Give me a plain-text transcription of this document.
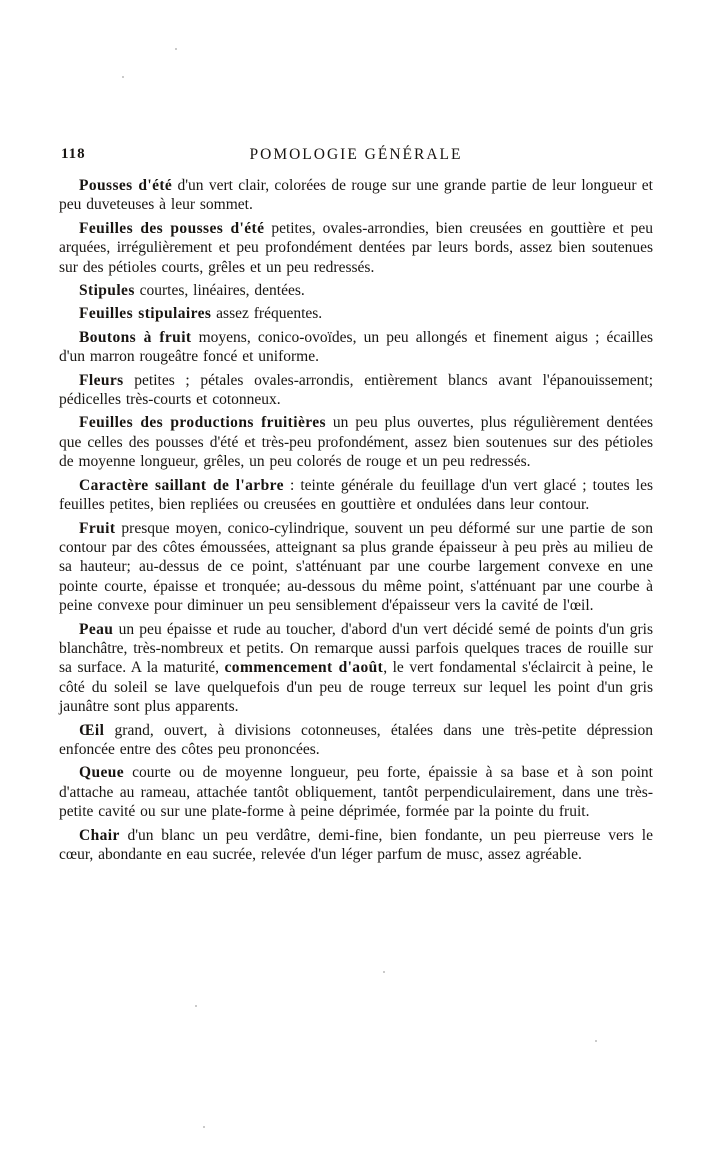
118	POMOLOGIE GÉNÉRALE

Pousses d'été d'un vert clair, colorées de rouge sur une grande partie de leur longueur et peu duveteuses à leur sommet.

Feuilles des pousses d'été petites, ovales-arrondies, bien creusées en gouttière et peu arquées, irrégulièrement et peu profondément dentées par leurs bords, assez bien soutenues sur des pétioles courts, grêles et un peu redressés.

Stipules courtes, linéaires, dentées.

Feuilles stipulaires assez fréquentes.

Boutons à fruit moyens, conico-ovoïdes, un peu allongés et finement aigus ; écailles d'un marron rougeâtre foncé et uniforme.

Fleurs petites ; pétales ovales-arrondis, entièrement blancs avant l'épanouissement; pédicelles très-courts et cotonneux.

Feuilles des productions fruitières un peu plus ouvertes, plus régulièrement dentées que celles des pousses d'été et très-peu profondément, assez bien soutenues sur des pétioles de moyenne longueur, grêles, un peu colorés de rouge et un peu redressés.

Caractère saillant de l'arbre : teinte générale du feuillage d'un vert glacé ; toutes les feuilles petites, bien repliées ou creusées en gouttière et ondulées dans leur contour.

Fruit presque moyen, conico-cylindrique, souvent un peu déformé sur une partie de son contour par des côtes émoussées, atteignant sa plus grande épaisseur à peu près au milieu de sa hauteur; au-dessus de ce point, s'atténuant par une courbe largement convexe en une pointe courte, épaisse et tronquée; au-dessous du même point, s'atténuant par une courbe à peine convexe pour diminuer un peu sensiblement d'épaisseur vers la cavité de l'œil.

Peau un peu épaisse et rude au toucher, d'abord d'un vert décidé semé de points d'un gris blanchâtre, très-nombreux et petits. On remarque aussi parfois quelques traces de rouille sur sa surface. A la maturité, commencement d'août, le vert fondamental s'éclaircit à peine, le côté du soleil se lave quelquefois d'un peu de rouge terreux sur lequel les point d'un gris jaunâtre sont plus apparents.

Œil grand, ouvert, à divisions cotonneuses, étalées dans une très-petite dépression enfoncée entre des côtes peu prononcées.

Queue courte ou de moyenne longueur, peu forte, épaissie à sa base et à son point d'attache au rameau, attachée tantôt obliquement, tantôt perpendiculairement, dans une très-petite cavité ou sur une plate-forme à peine déprimée, formée par la pointe du fruit.

Chair d'un blanc un peu verdâtre, demi-fine, bien fondante, un peu pierreuse vers le cœur, abondante en eau sucrée, relevée d'un léger parfum de musc, assez agréable.
